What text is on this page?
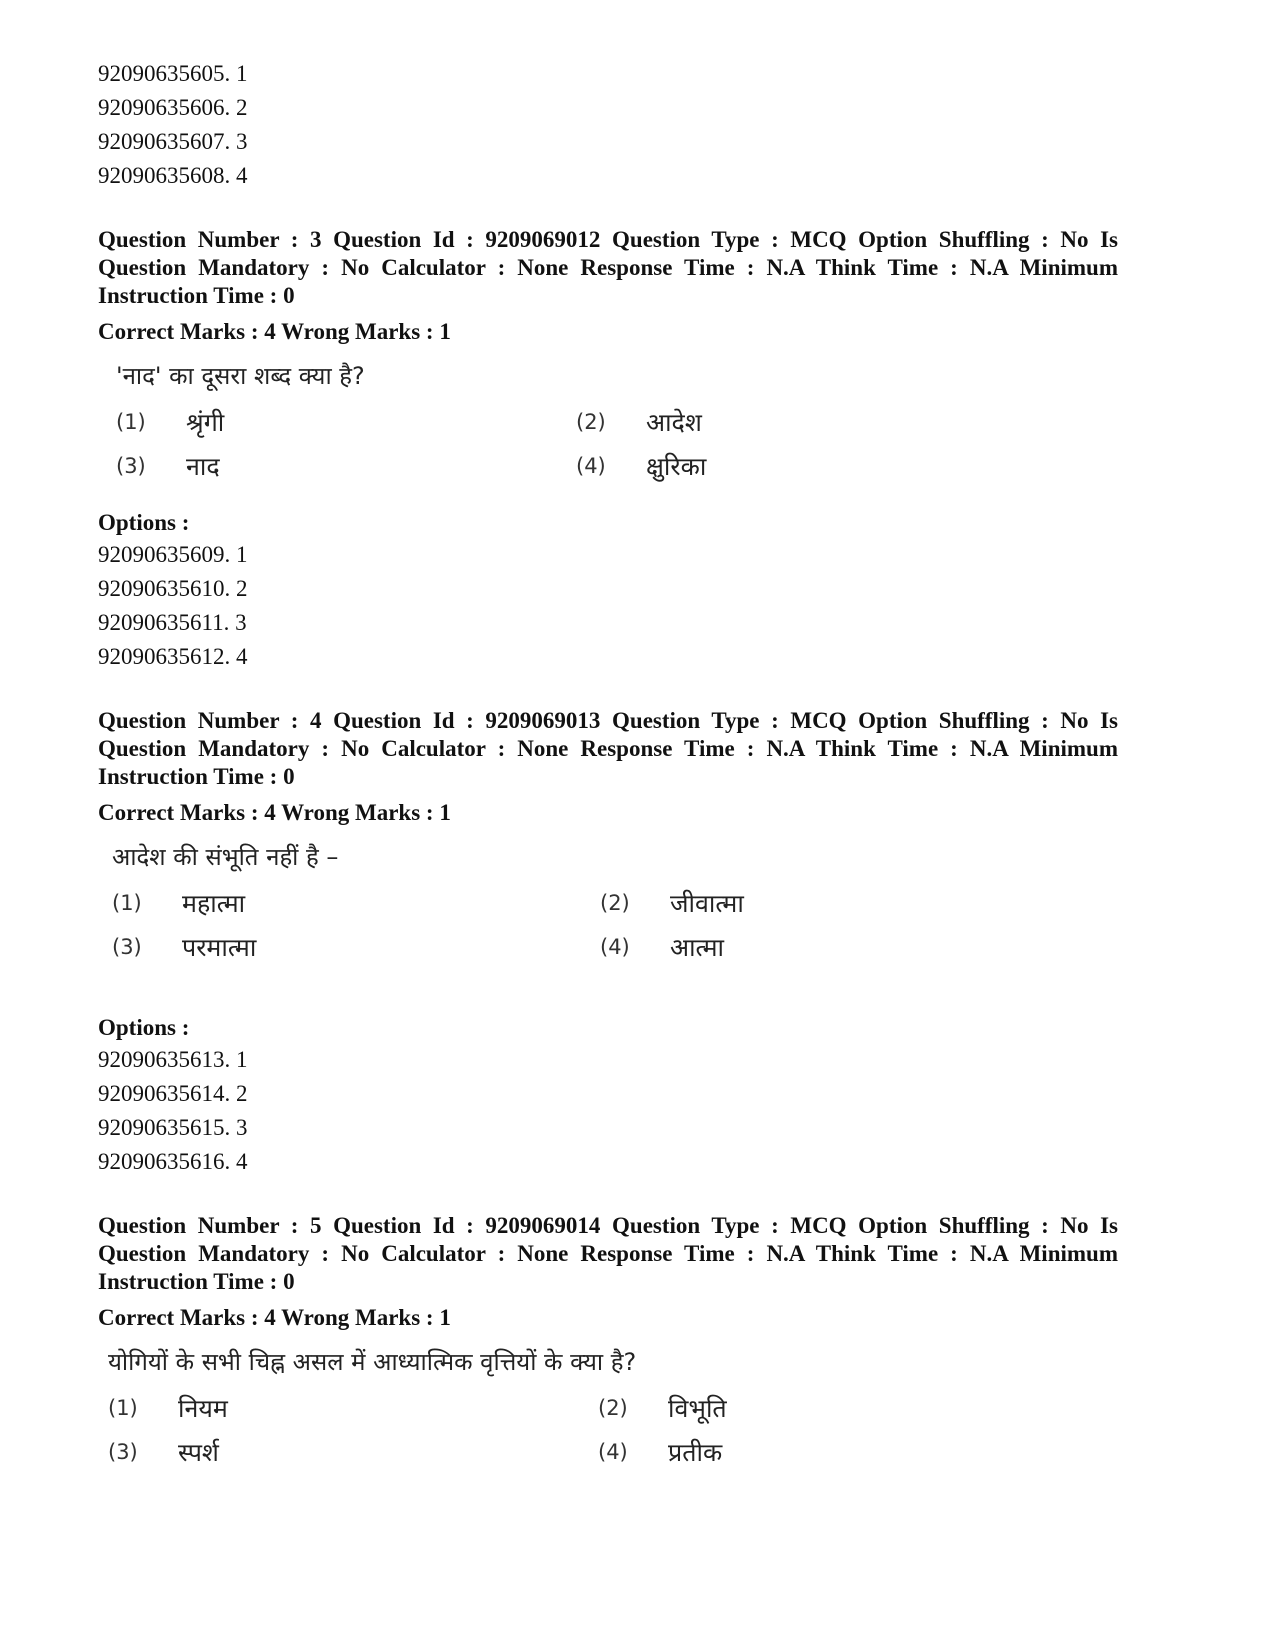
92090635605. 1
92090635606. 2
92090635607. 3
92090635608. 4
Question Number : 3 Question Id : 9209069012 Question Type : MCQ Option Shuffling : No Is Question Mandatory : No Calculator : None Response Time : N.A Think Time : N.A Minimum Instruction Time : 0
Correct Marks : 4 Wrong Marks : 1
'नाद' का दूसरा शब्द क्या है?
(1)	श्रृंगी	(2)	आदेश
(3)	नाद	(4)	क्षुरिका
Options :
92090635609. 1
92090635610. 2
92090635611. 3
92090635612. 4
Question Number : 4 Question Id : 9209069013 Question Type : MCQ Option Shuffling : No Is Question Mandatory : No Calculator : None Response Time : N.A Think Time : N.A Minimum Instruction Time : 0
Correct Marks : 4 Wrong Marks : 1
आदेश की संभूति नहीं है –
(1)	महात्मा	(2)	जीवात्मा
(3)	परमात्मा	(4)	आत्मा
Options :
92090635613. 1
92090635614. 2
92090635615. 3
92090635616. 4
Question Number : 5 Question Id : 9209069014 Question Type : MCQ Option Shuffling : No Is Question Mandatory : No Calculator : None Response Time : N.A Think Time : N.A Minimum Instruction Time : 0
Correct Marks : 4 Wrong Marks : 1
योगियों के सभी चिह्न असल में आध्यात्मिक वृत्तियों के क्या है?
(1)	नियम	(2)	विभूति
(3)	स्पर्श	(4)	प्रतीक
